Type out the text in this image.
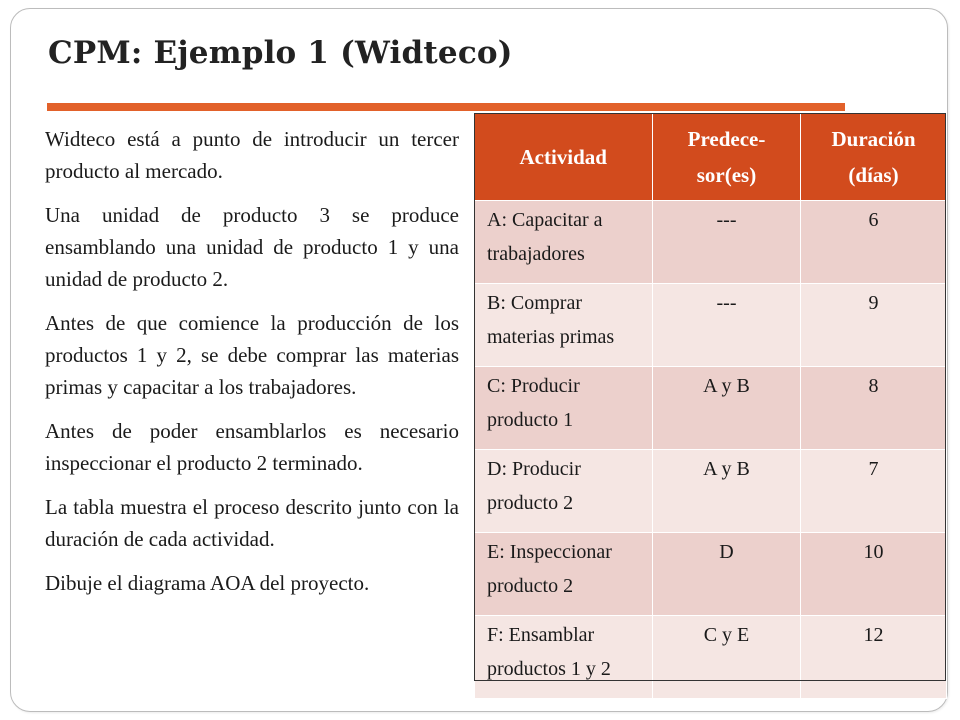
CPM: Ejemplo 1 (Widteco)

Widteco está a punto de introducir un tercer producto al mercado.

Una unidad de producto 3 se produce ensamblando una unidad de producto 1 y una unidad de producto 2.

Antes de que comience la producción de los productos 1 y 2, se debe comprar las materias primas y capacitar a los trabajadores.

Antes de poder ensamblarlos es necesario inspeccionar el producto 2 terminado.

La tabla muestra el proceso descrito junto con la duración de cada actividad.

Dibuje el diagrama AOA del proyecto.

Actividad	Predece-sor(es)	Duración (días)
A: Capacitar a trabajadores	---	6
B: Comprar materias primas	---	9
C: Producir producto 1	A y B	8
D: Producir producto 2	A y B	7
E: Inspeccionar producto 2	D	10
F: Ensamblar productos 1 y 2	C y E	12
